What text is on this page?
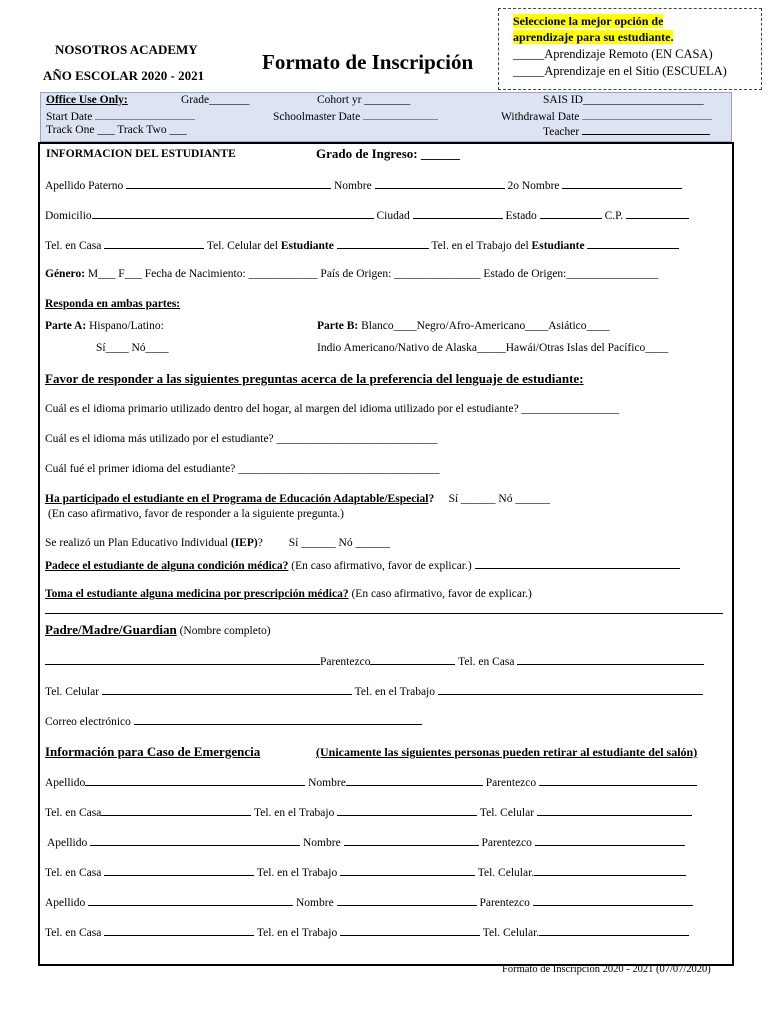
NOSOTROS ACADEMY
AÑO ESCOLAR 2020 - 2021
Formato de Inscripción
Seleccione la mejor opción de
aprendizaje para su estudiante.
_____Aprendizaje Remoto (EN CASA)
_____Aprendizaje en el Sitio (ESCUELA)
Office Use Only:	Grade_______	Cohort yr ________	SAIS ID_____________________
Start Date	Schoolmaster Date	Withdrawal Date
Track One ___ Track Two ___	Teacher
INFORMACION DEL ESTUDIANTE	Grado de Ingreso: ______
Apellido Paterno	Nombre	2o Nombre
Domicilio	Ciudad	Estado	C.P.
Tel. en Casa	Tel. Celular del Estudiante	Tel. en el Trabajo del Estudiante
Género: M___ F___ Fecha de Nacimiento: ____________ País de Origen: _______________ Estado de Origen:________________
Responda en ambas partes:
Parte A: Hispano/Latino:
Sí____ Nó____
Parte B: Blanco____Negro/Afro-Americano____Asiático____
Indio Americano/Nativo de Alaska_____Hawái/Otras Islas del Pacífico____
Favor de responder a las siguientes preguntas acerca de la preferencia del lenguaje de estudiante:
Cuál es el idioma primario utilizado dentro del hogar, al margen del idioma utilizado por el estudiante? _________________
Cuál es el idioma más utilizado por el estudiante? ____________________________
Cuál fué el primer idioma del estudiante? ___________________________________
Ha participado el estudiante en el Programa de Educación Adaptable/Especial? Sí ______ Nó ______
(En caso afirmativo, favor de responder a la siguiente pregunta.)
Se realizó un Plan Educativo Individual (IEP)?         Sí ______ Nó ______
Padece el estudiante de alguna condición médica? (En caso afirmativo, favor de explicar.)
Toma el estudiante alguna medicina por prescripción médica? (En caso afirmativo, favor de explicar.)
Padre/Madre/Guardian (Nombre completo)
Parentezco	Tel. en Casa
Tel. Celular	Tel. en el Trabajo
Correo electrónico
Información para Caso de Emergencia	(Unicamente las siguientes personas pueden retirar al estudiante del salón)
Apellido	Nombre	Parentezco
Tel. en Casa	Tel. en el Trabajo	Tel. Celular
Apellido	Nombre	Parentezco
Tel. en Casa	Tel. en el Trabajo	Tel. Celular.
Apellido	Nombre	Parentezco
Tel. en Casa	Tel. en el Trabajo	Tel. Celular.
Formato de Inscripción 2020 - 2021 (07/07/2020)
